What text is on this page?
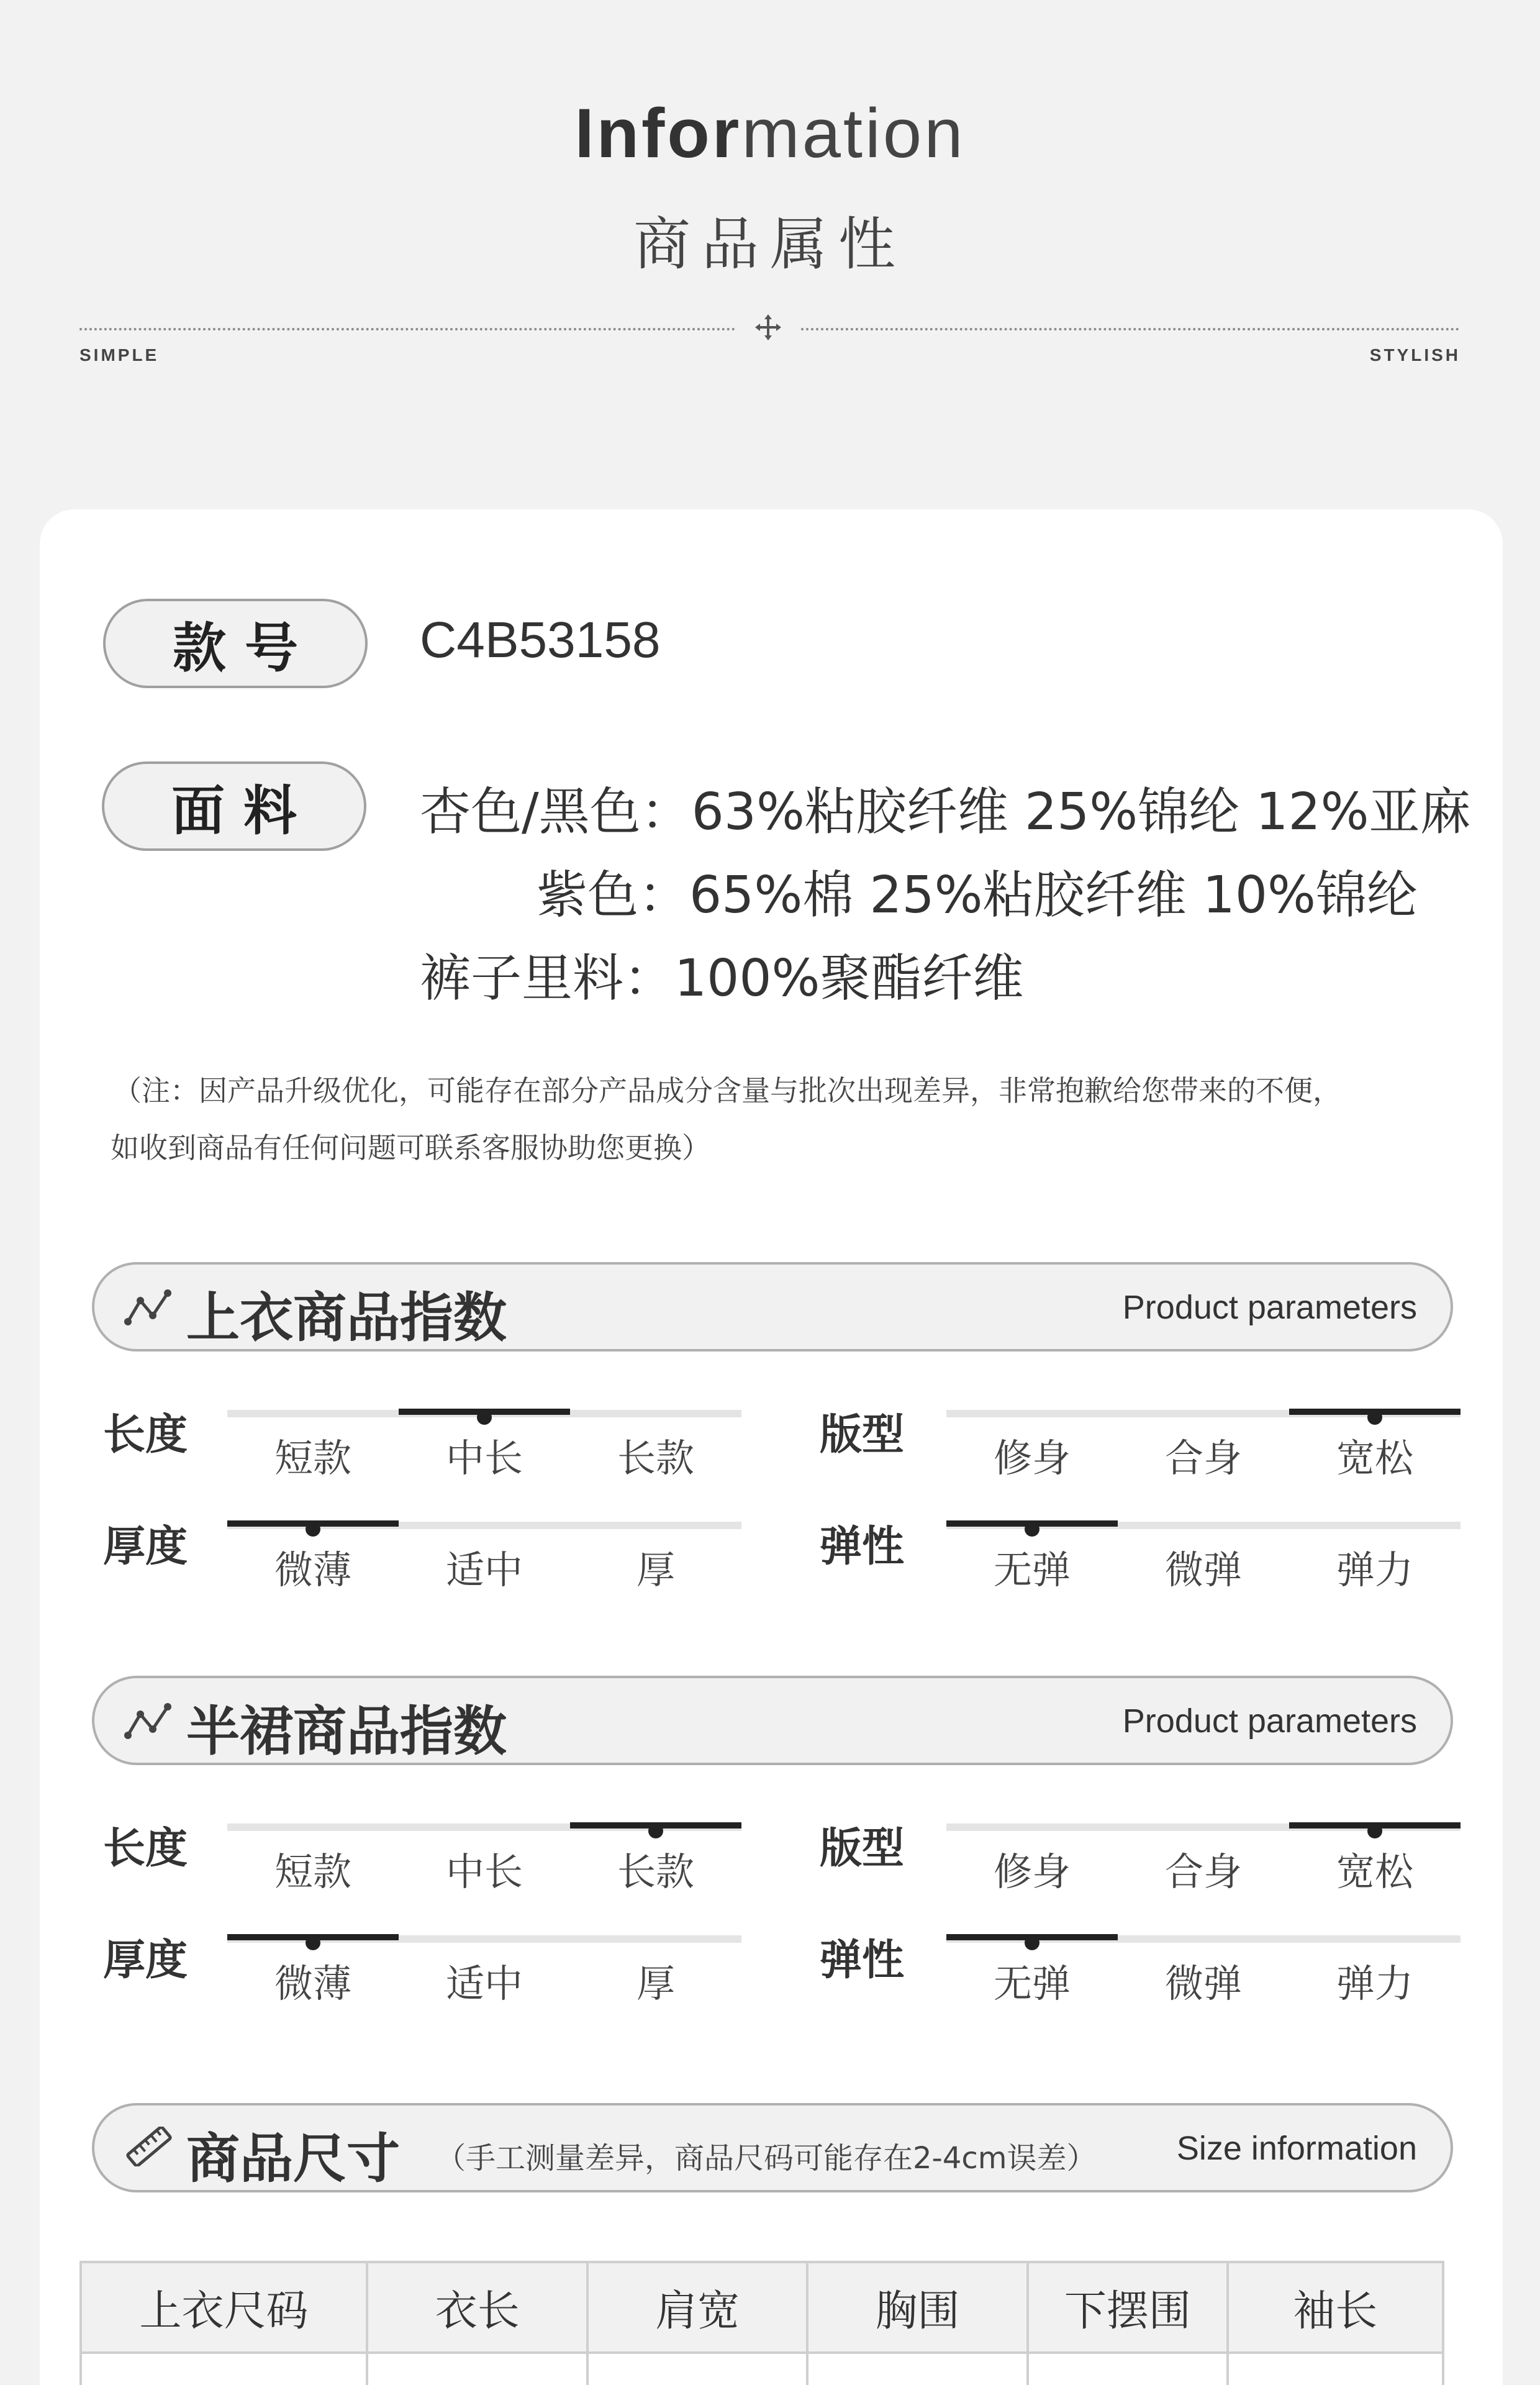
Information
商品属性
SIMPLE	STYLISH
款号	C4B53158
面料	杏色/黑色：63%粘胶纤维 25%锦纶 12%亚麻
紫色：65%棉 25%粘胶纤维 10%锦纶
裤子里料：100%聚酯纤维
（注：因产品升级优化，可能存在部分产品成分含量与批次出现差异，非常抱歉给您带来的不便，
如收到商品有任何问题可联系客服协助您更换）
上衣商品指数	Product parameters
长度	短款	中长	长款	版型	修身	合身	宽松
厚度	微薄	适中	厚	弹性	无弹	微弹	弹力
半裙商品指数	Product parameters
长度	短款	中长	长款	版型	修身	合身	宽松
厚度	微薄	适中	厚	弹性	无弹	微弹	弹力
商品尺寸 （手工测量差异，商品尺码可能存在2-4cm误差） Size information
上衣尺码	衣长	肩宽	胸围	下摆围	袖长
